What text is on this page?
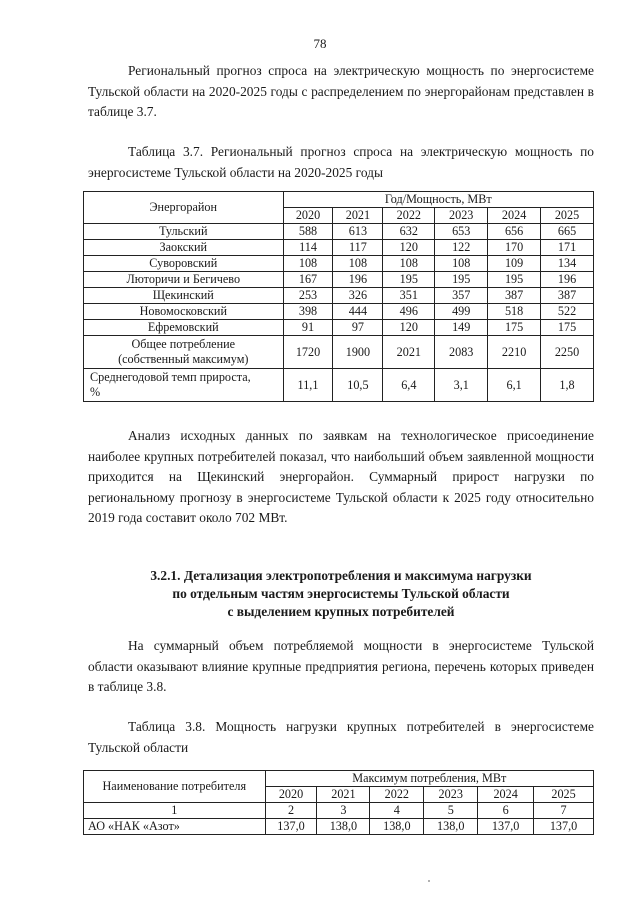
78

Региональный прогноз спроса на электрическую мощность по энергосистеме Тульской области на 2020-2025 годы с распределением по энергорайонам представлен в таблице 3.7.

Таблица 3.7. Региональный прогноз спроса на электрическую мощность по энергосистеме Тульской области на 2020-2025 годы

Энергорайон	Год/Мощность, МВт					
	2020	2021	2022	2023	2024	2025
Тульский	588	613	632	653	656	665
Заокский	114	117	120	122	170	171
Суворовский	108	108	108	108	109	134
Люторичи и Бегичево	167	196	195	195	195	196
Щекинский	253	326	351	357	387	387
Новомосковский	398	444	496	499	518	522
Ефремовский	91	97	120	149	175	175

Общее потребление
(собственный максимум)	1720	1900	2021	2083	2210	2250

Среднегодовой темп прироста,
%	11,1	10,5	6,4	3,1	6,1	1,8

Анализ исходных данных по заявкам на технологическое присоединение наиболее крупных потребителей показал, что наибольший объем заявленной мощности приходится на Щекинский энергорайон. Суммарный прирост нагрузки по региональному прогнозу в энергосистеме Тульской области к 2025 году относительно 2019 года составит около 702 МВт.

3.2.1. Детализация электропотребления и максимума нагрузки
по отдельным частям энергосистемы Тульской области
с выделением крупных потребителей

На суммарный объем потребляемой мощности в энергосистеме Тульской области оказывают влияние крупные предприятия региона, перечень которых приведен в таблице 3.8.

Таблица 3.8. Мощность нагрузки крупных потребителей в энергосистеме Тульской области

Наименование потребителя	Максимум потребления, МВт					
	2020	2021	2022	2023	2024	2025
1	2	3	4	5	6	7
АО «НАК «Азот»	137,0	138,0	138,0	138,0	137,0	137,0
